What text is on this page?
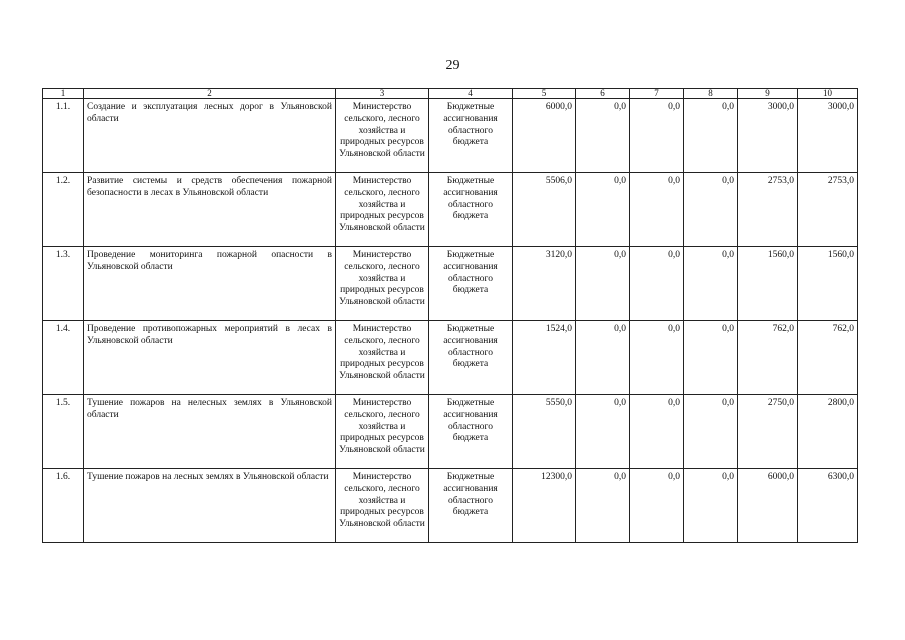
29
1	2	3	4	5	6	7	8	9	10
1.1.	Создание и эксплуатация лесных дорог в Ульяновской области	Министерство сельского, лесного хозяйства и природных ресурсов Ульяновской области	Бюджетные ассигнования областного бюджета	6000,0	0,0	0,0	0,0	3000,0	3000,0
1.2.	Развитие системы и средств обеспечения пожарной безопасности в лесах в Ульяновской области	Министерство сельского, лесного хозяйства и природных ресурсов Ульяновской области	Бюджетные ассигнования областного бюджета	5506,0	0,0	0,0	0,0	2753,0	2753,0
1.3.	Проведение мониторинга пожарной опасности в Ульяновской области	Министерство сельского, лесного хозяйства и природных ресурсов Ульяновской области	Бюджетные ассигнования областного бюджета	3120,0	0,0	0,0	0,0	1560,0	1560,0
1.4.	Проведение противопожарных мероприятий в лесах в Ульяновской области	Министерство сельского, лесного хозяйства и природных ресурсов Ульяновской области	Бюджетные ассигнования областного бюджета	1524,0	0,0	0,0	0,0	762,0	762,0
1.5.	Тушение пожаров на нелесных землях в Ульяновской области	Министерство сельского, лесного хозяйства и природных ресурсов Ульяновской области	Бюджетные ассигнования областного бюджета	5550,0	0,0	0,0	0,0	2750,0	2800,0
1.6.	Тушение пожаров на лесных землях в Ульяновской области	Министерство сельского, лесного хозяйства и природных ресурсов Ульяновской области	Бюджетные ассигнования областного бюджета	12300,0	0,0	0,0	0,0	6000,0	6300,0
